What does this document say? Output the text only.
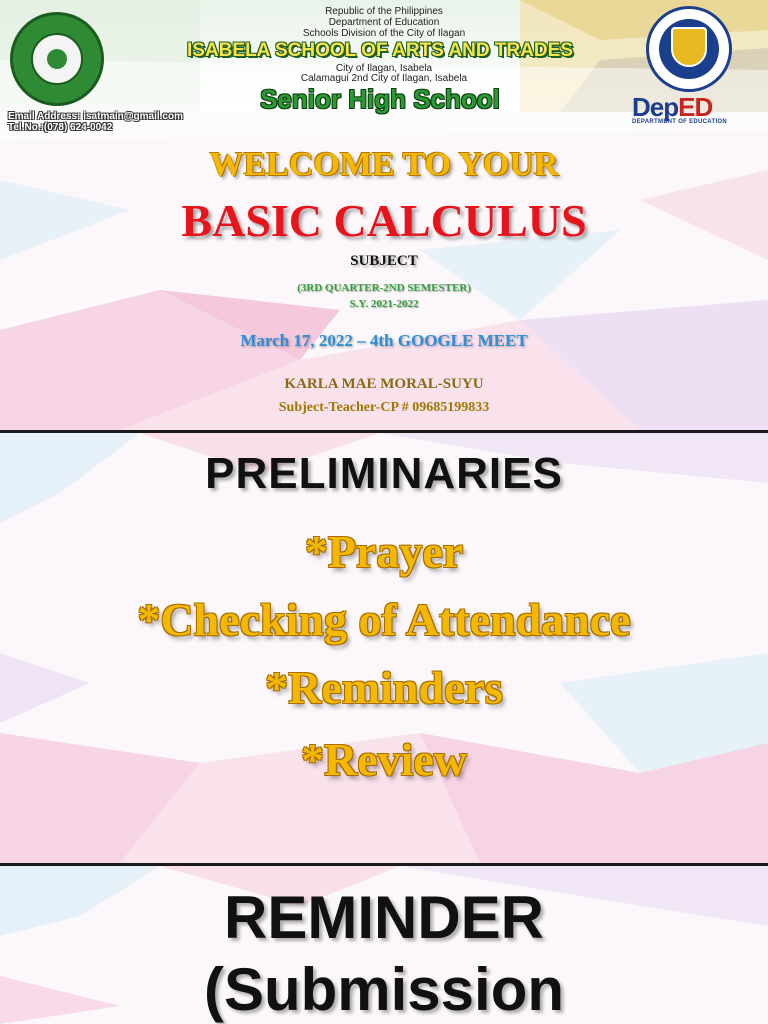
Republic of the Philippines
Department of Education
Schools Division of the City of Ilagan
ISABELA SCHOOL OF ARTS AND TRADES
City of Ilagan, Isabela
Calamagui 2nd City of Ilagan, Isabela
Senior High School
Email Address: isatmain@gmail.com
Tel.No.:(078) 624-0042
DepED
DEPARTMENT OF EDUCATION
WELCOME TO YOUR
BASIC CALCULUS
SUBJECT
(3RD QUARTER-2ND SEMESTER)
S.Y. 2021-2022
March 17, 2022 – 4th GOOGLE MEET
KARLA MAE MORAL-SUYU
Subject-Teacher-CP # 09685199833
PRELIMINARIES
*Prayer
*Checking of Attendance
*Reminders
*Review
REMINDER
(Submission
